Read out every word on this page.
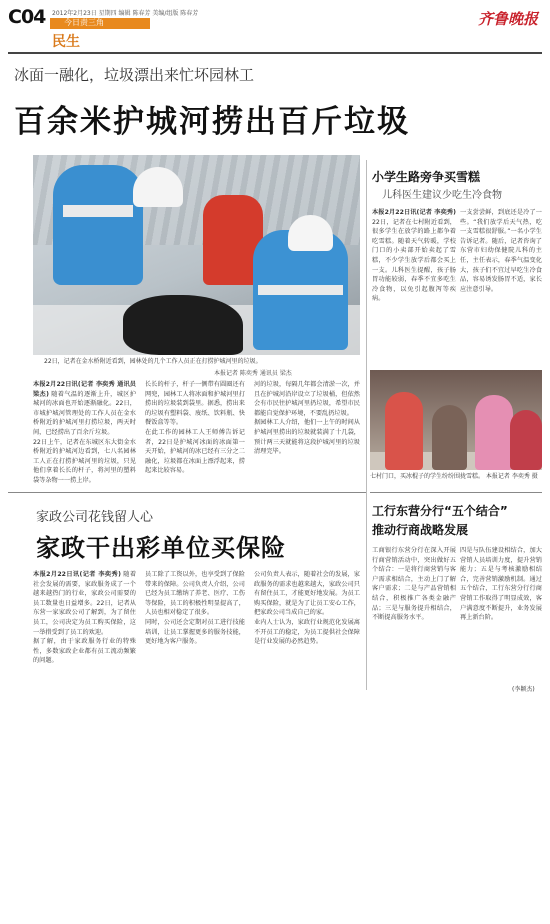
C04 2012年2月23日 星期四 编辑 陈春芳 美编/组版 陈春芳
今日责三角
民生
齐鲁晚报
冰面一融化，垃圾漂出来忙坏园林工
百余米护城河捞出百斤垃圾
22日，记者在金水桥附近看到，园林处的几个工作人员正在打捞护城河里的垃圾。
本报记者 陈奕秀 通讯员 梁杰

本报2月22日讯(记者 李奕秀 通讯员 梁杰) 随着气温的逐渐上升，城区护城河的冰面也开始逐渐融化。22日，市城护城河管理处的工作人员在金水桥附近的护城河里打捞垃圾，两天时间，已经捞出了百余斤垃圾。

22日上午，记者在东城区东大街金水桥附近的护城河边看到，七八名园林工人正在打捞护城河里的垃圾，只见他们拿着长长的杆子，将河里的塑料袋等杂物一一捞上岸。

长长的杆子，杆子一侧带有圆圈还有网兜，园林工人将冰面和护城河里打捞出的垃圾装到袋里。据悉，捞出来的垃圾有塑料袋、废纸、饮料瓶、快餐饭盒等等。

在此工作的园林工人王师傅告诉记者，22日是护城河冰面的冰面第一天开始，护城河的冰已经有三分之二融化，垃圾都在冰面上漂浮起来，捞起来比较容易。

河的垃圾，每隔几年都会清淤一次，并且在护城河沿岸设立了垃圾桶，但依然会有市民往护城河里扔垃圾，希望市民都能自觉保护环境，不要乱扔垃圾。

据园林工人介绍，他们一上午的时间从护城河里捞出的垃圾就装满了十几袋，预计两三天就能将这段护城河里的垃圾清理完毕。

小学生路旁争买雪糕
儿科医生建议少吃生冷食物

本报2月22日讯(记者 李奕秀) 22日，记者在七村附近看到，很多学生在放学的路上都争着吃雪糕。随着天气转暖，学校门口的小卖部开始卖起了雪糕，不少学生放学后都会买上一支。儿科医生提醒，孩子肠胃功能较弱，春季不宜多吃生冷食物，以免引起腹泻等疾病。

一支尝尝鲜，到底还是冷了一些。“我们放学后天气热，吃一支雪糕很舒服。”一名小学生告诉记者。随后，记者咨询了东营市妇幼保健院儿科的主任，主任表示，春季气温变化大，孩子们不宜过早吃生冷食品，容易诱发肠胃不适，家长应注意引导。

七村门口，买冰棍子的学生纷纷围拢雪糕。 本报记者 李奕秀 摄
家政公司花钱留人心
家政干出彩单位买保险

本报2月22日讯(记者 李奕秀) 随着社会发展的需要，家政服务成了一个越来越热门的行业，家政公司需要的员工数量也日益增多。22日，记者从东营一家家政公司了解到，为了留住员工，公司决定为员工购买保险，这一举措受到了员工的欢迎。

据了解，由于家政服务行业的特殊性，多数家政企业都有员工流动频繁的问题。

员工除了工资以外，也享受到了保险带来的保障。公司负责人介绍，公司已经为员工缴纳了养老、医疗、工伤等保险，员工的积极性明显提高了，人员也相对稳定了很多。

同时，公司还会定期对员工进行技能培训，让员工掌握更多的服务技能，更好地为客户服务。

公司负责人表示，随着社会的发展，家政服务的需求也越来越大，家政公司只有留住员工，才能更好地发展。为员工购买保险，就是为了让员工安心工作，把家政公司当成自己的家。

业内人士认为，家政行业规范化发展离不开员工的稳定，为员工提供社会保障是行业发展的必然趋势。

工行东营分行“五个结合”
推动行商战略发展

工商银行东营分行在深入开展行商营销活动中，突出做好五个结合：一是将行商营销与客户需求相结合，主动上门了解客户需求；二是与产品营销相结合，积极推广各类金融产品；三是与服务提升相结合，不断提高服务水平。

四是与队伍建设相结合，加大营销人员培训力度，提升营销能力；五是与考核激励相结合，完善营销激励机制。通过五个结合，工行东营分行行商营销工作取得了明显成效，客户满意度不断提升，业务发展再上新台阶。

(李颖杰)
